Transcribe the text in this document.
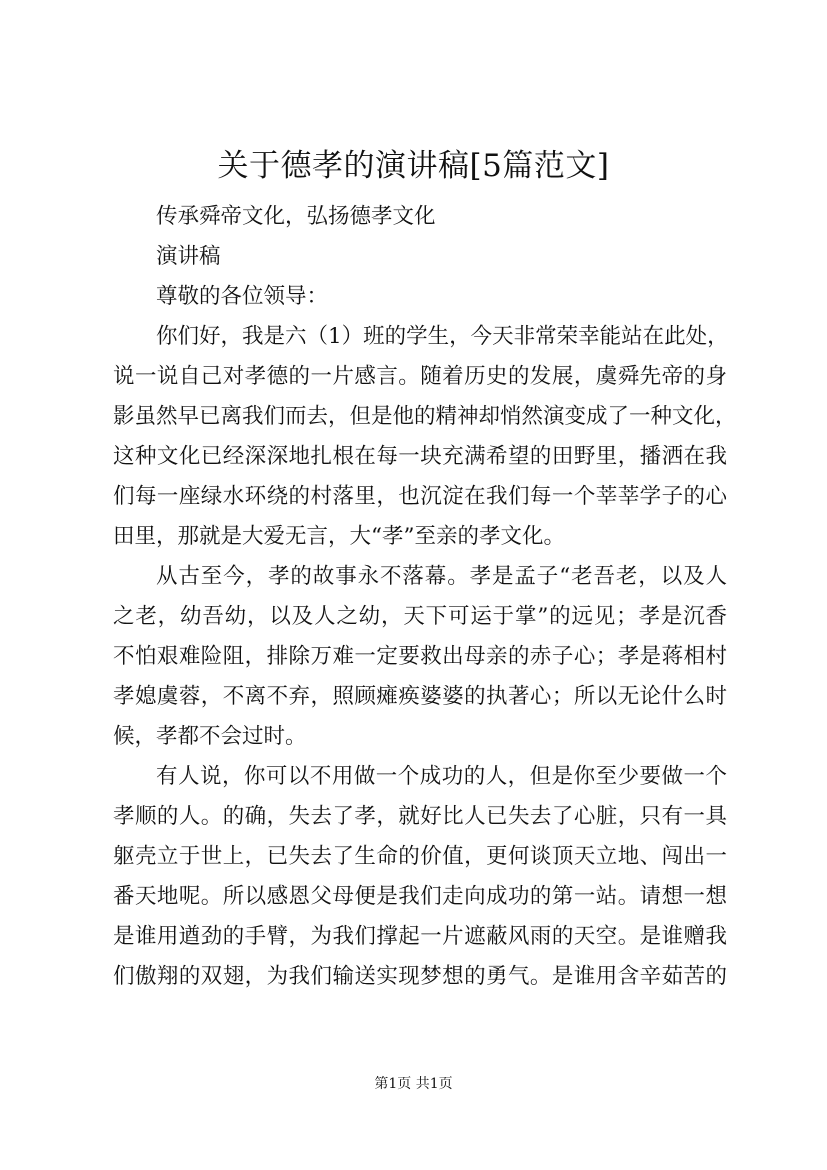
关于德孝的演讲稿[5篇范文]

传承舜帝文化，弘扬德孝文化

演讲稿

尊敬的各位领导：

你们好，我是六（1）班的学生，今天非常荣幸能站在此处，

说一说自己对孝德的一片感言。随着历史的发展，虞舜先帝的身

影虽然早已离我们而去，但是他的精神却悄然演变成了一种文化，

这种文化已经深深地扎根在每一块充满希望的田野里，播洒在我

们每一座绿水环绕的村落里，也沉淀在我们每一个莘莘学子的心

田里，那就是大爱无言，大“孝”至亲的孝文化。

从古至今，孝的故事永不落幕。孝是孟子“老吾老，以及人

之老，幼吾幼，以及人之幼，天下可运于掌”的远见；孝是沉香

不怕艰难险阻，排除万难一定要救出母亲的赤子心；孝是蒋相村

孝媳虞蓉，不离不弃，照顾瘫痪婆婆的执著心；所以无论什么时

候，孝都不会过时。

有人说，你可以不用做一个成功的人，但是你至少要做一个

孝顺的人。的确，失去了孝，就好比人已失去了心脏，只有一具

躯壳立于世上，已失去了生命的价值，更何谈顶天立地、闯出一

番天地呢。所以感恩父母便是我们走向成功的第一站。请想一想

是谁用遒劲的手臂，为我们撑起一片遮蔽风雨的天空。是谁赠我

们傲翔的双翅，为我们输送实现梦想的勇气。是谁用含辛茹苦的

第1页 共1页
